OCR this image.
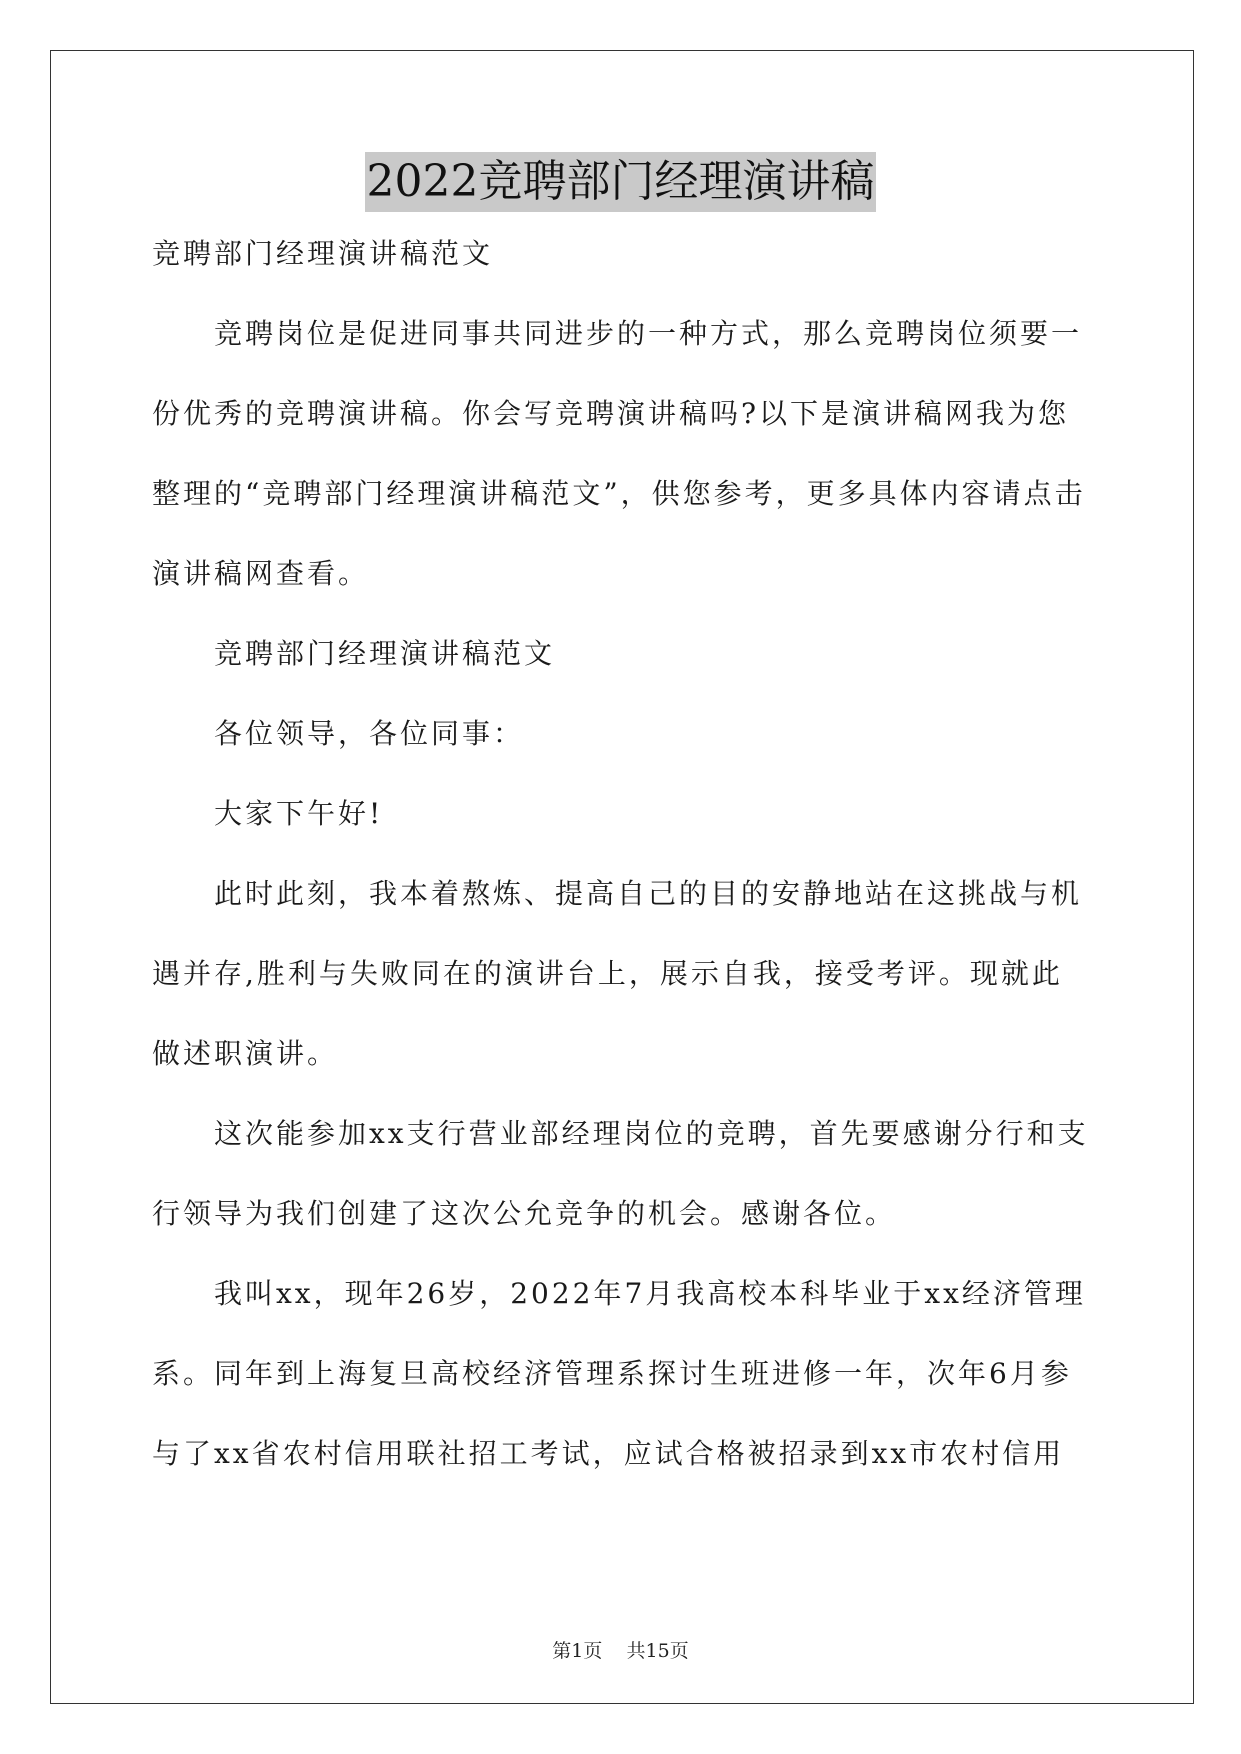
2022竞聘部门经理演讲稿

竞聘部门经理演讲稿范文

竞聘岗位是促进同事共同进步的一种方式，那么竞聘岗位须要一份优秀的竞聘演讲稿。你会写竞聘演讲稿吗?以下是演讲稿网我为您整理的“竞聘部门经理演讲稿范文”，供您参考，更多具体内容请点击演讲稿网查看。

竞聘部门经理演讲稿范文

各位领导，各位同事：

大家下午好!

此时此刻，我本着熬炼、提高自己的目的安静地站在这挑战与机遇并存,胜利与失败同在的演讲台上，展示自我，接受考评。现就此做述职演讲。

这次能参加xx支行营业部经理岗位的竞聘，首先要感谢分行和支行领导为我们创建了这次公允竞争的机会。感谢各位。

我叫xx，现年26岁，2022年7月我高校本科毕业于xx经济管理系。同年到上海复旦高校经济管理系探讨生班进修一年，次年6月参与了xx省农村信用联社招工考试，应试合格被招录到xx市农村信用

第1页 共15页
